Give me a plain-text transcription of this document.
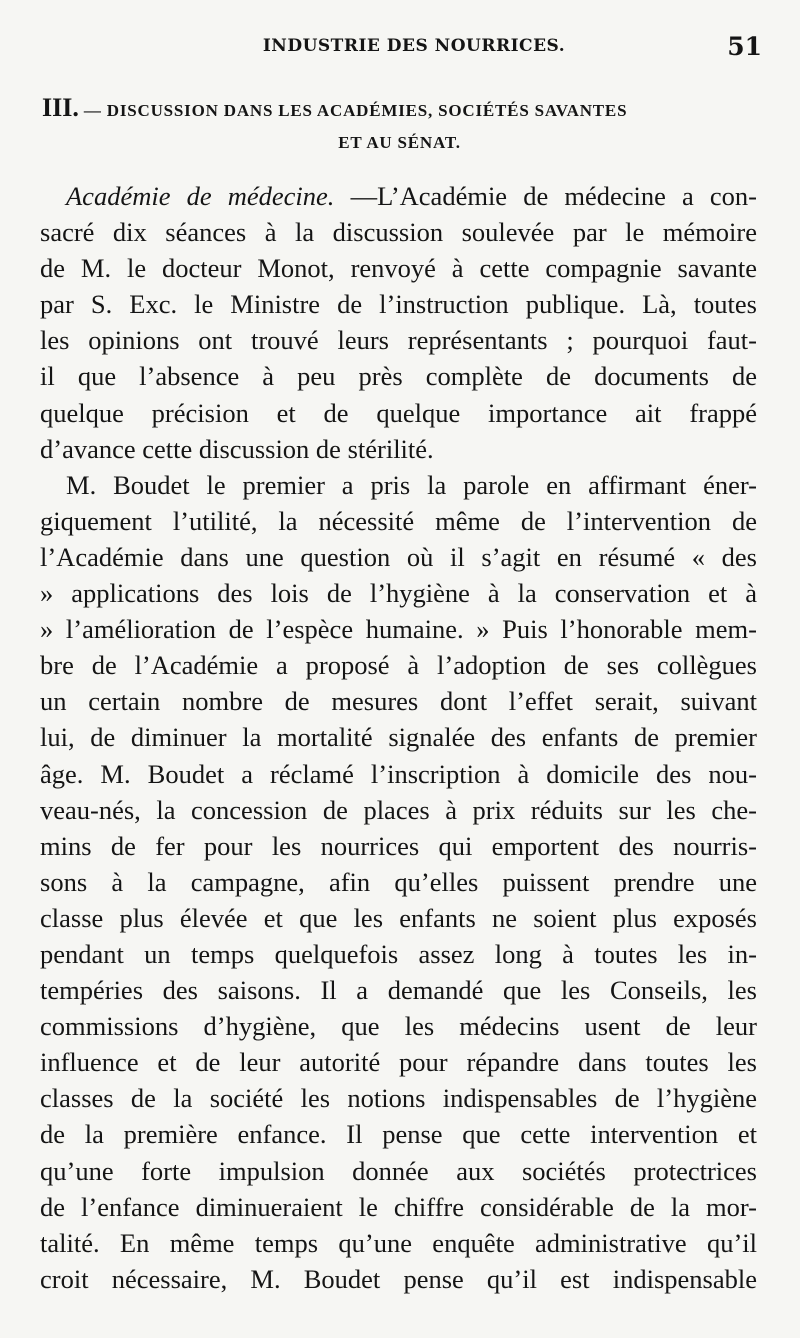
INDUSTRIE DES NOURRICES.	51
III. — DISCUSSION DANS LES ACADÉMIES, SOCIÉTÉS SAVANTES
ET AU SÉNAT.

Académie de médecine. —L’Académie de médecine a con-
sacré dix séances à la discussion soulevée par le mémoire
de M. le docteur Monot, renvoyé à cette compagnie savante
par S. Exc. le Ministre de l’instruction publique. Là, toutes
les opinions ont trouvé leurs représentants ; pourquoi faut-
il que l’absence à peu près complète de documents de
quelque précision et de quelque importance ait frappé
d’avance cette discussion de stérilité.

M. Boudet le premier a pris la parole en affirmant éner-
giquement l’utilité, la nécessité même de l’intervention de
l’Académie dans une question où il s’agit en résumé « des
» applications des lois de l’hygiène à la conservation et à
» l’amélioration de l’espèce humaine. » Puis l’honorable mem-
bre de l’Académie a proposé à l’adoption de ses collègues
un certain nombre de mesures dont l’effet serait, suivant
lui, de diminuer la mortalité signalée des enfants de premier
âge. M. Boudet a réclamé l’inscription à domicile des nou-
veau-nés, la concession de places à prix réduits sur les che-
mins de fer pour les nourrices qui emportent des nourris-
sons à la campagne, afin qu’elles puissent prendre une
classe plus élevée et que les enfants ne soient plus exposés
pendant un temps quelquefois assez long à toutes les in-
tempéries des saisons. Il a demandé que les Conseils, les
commissions d’hygiène, que les médecins usent de leur
influence et de leur autorité pour répandre dans toutes les
classes de la société les notions indispensables de l’hygiène
de la première enfance. Il pense que cette intervention et
qu’une forte impulsion donnée aux sociétés protectrices
de l’enfance diminueraient le chiffre considérable de la mor-
talité. En même temps qu’une enquête administrative qu’il
croit nécessaire, M. Boudet pense qu’il est indispensable
